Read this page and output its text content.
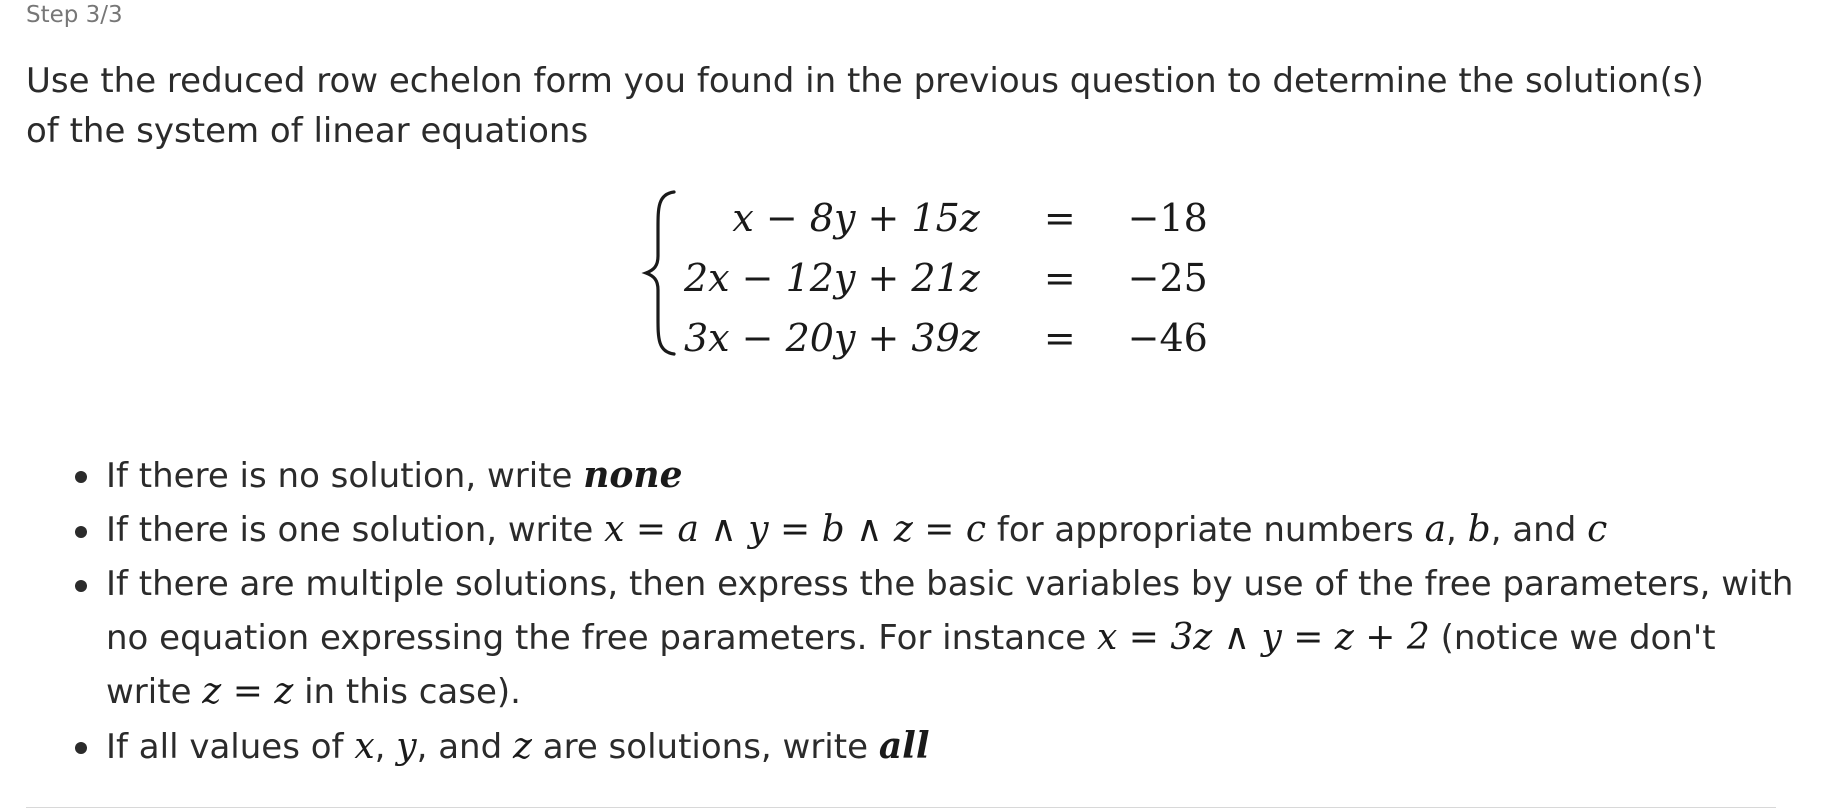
Step 3/3
Use the reduced row echelon form you found in the previous question to determine the solution(s) of the system of linear equations
x − 8y + 15z	=	−18
2x − 12y + 21z	=	−25
3x − 20y + 39z	=	−46
If there is no solution, write none
If there is one solution, write x = a ∧ y = b ∧ z = c for appropriate numbers a, b, and c
If there are multiple solutions, then express the basic variables by use of the free parameters, with no equation expressing the free parameters. For instance x = 3z ∧ y = z + 2 (notice we don't write z = z in this case).
If all values of x, y, and z are solutions, write all
